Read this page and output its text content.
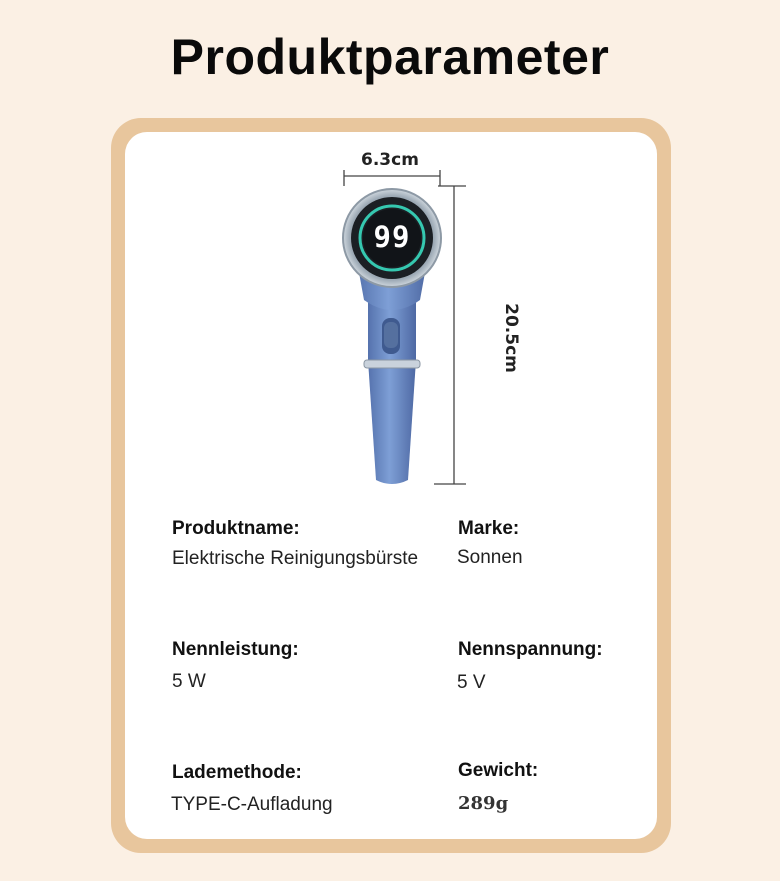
Produktparameter
99
6.3cm
20.5cm
Produktname:
Elektrische Reinigungsbürste
Marke:
Sonnen
Nennleistung:
5 W
Nennspannung:
5 V
Lademethode:
TYPE-C-Aufladung
Gewicht:
289g
